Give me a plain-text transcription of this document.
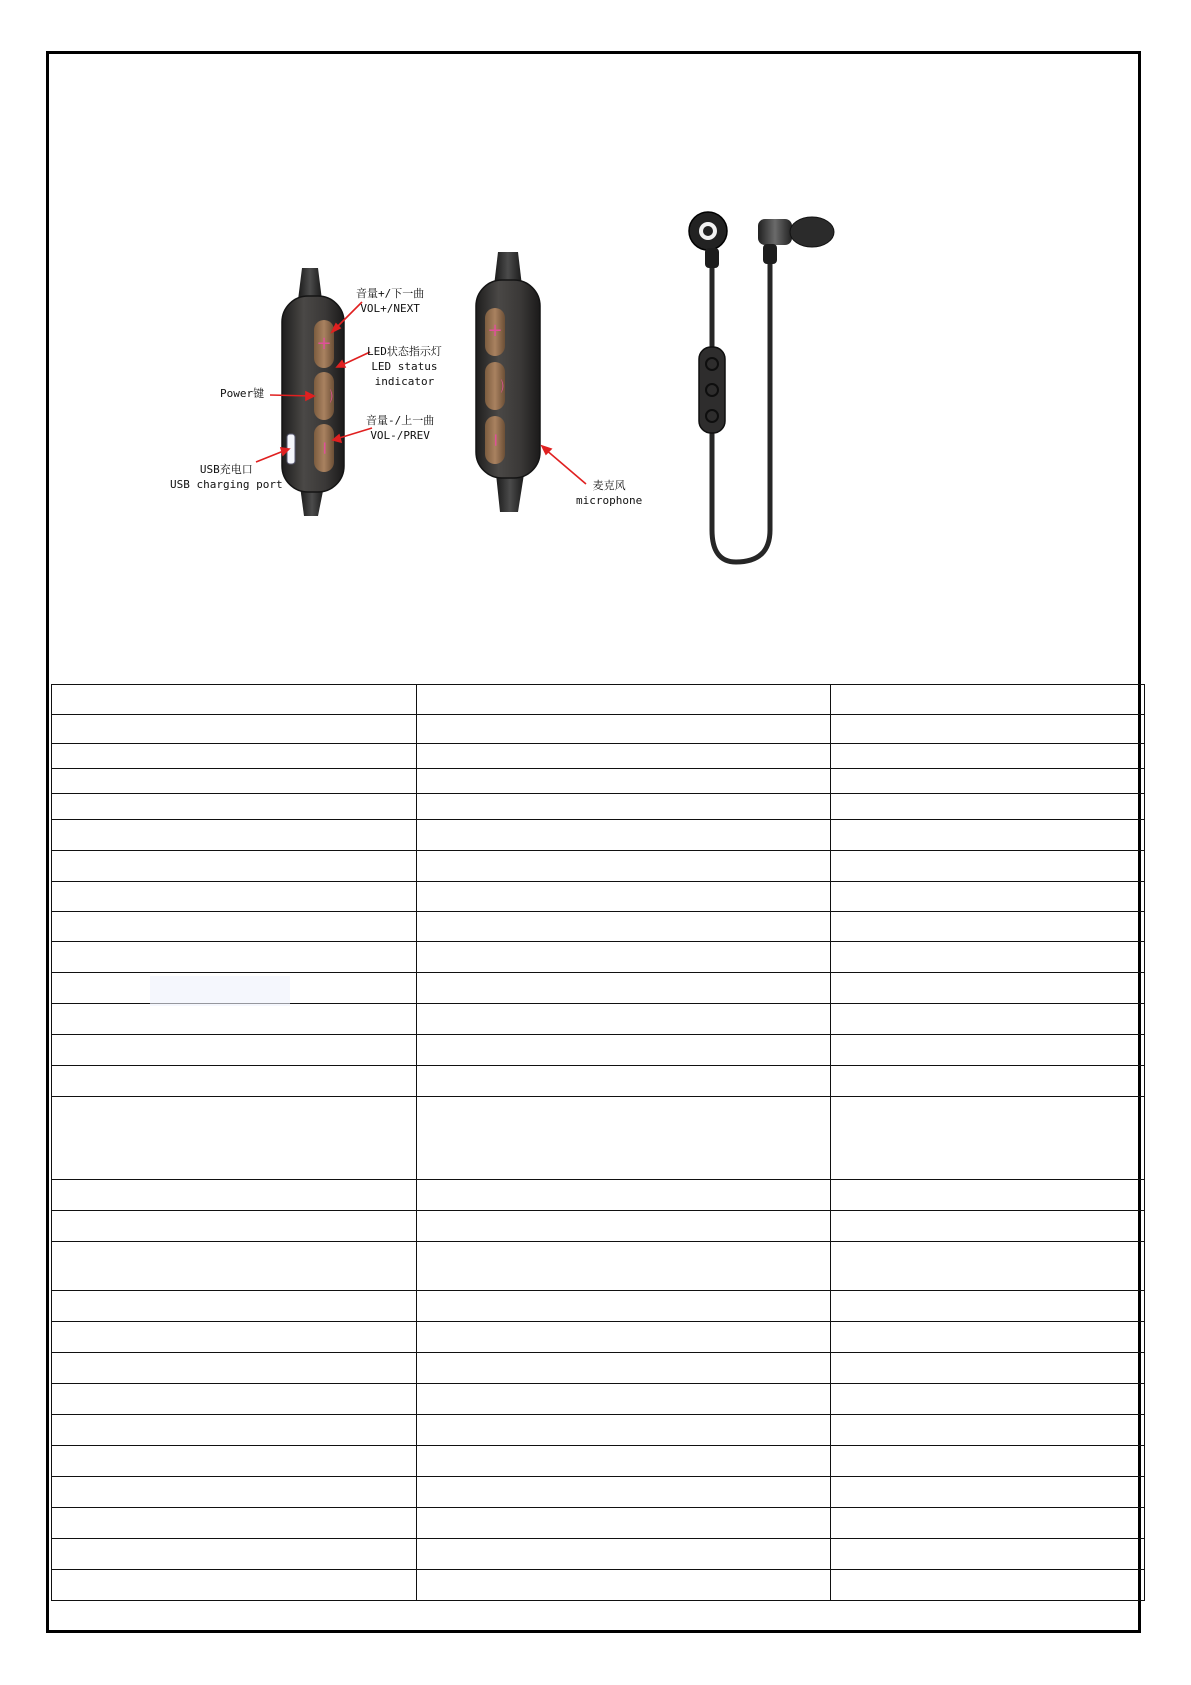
+
⌒
−
+
⌒
−
音量+/下一曲
VOL+/NEXT
LED状态指示灯
LED status
indicator
Power键
音量-/上一曲
VOL-/PREV
USB充电口
USB charging port	麦克风
microphone
